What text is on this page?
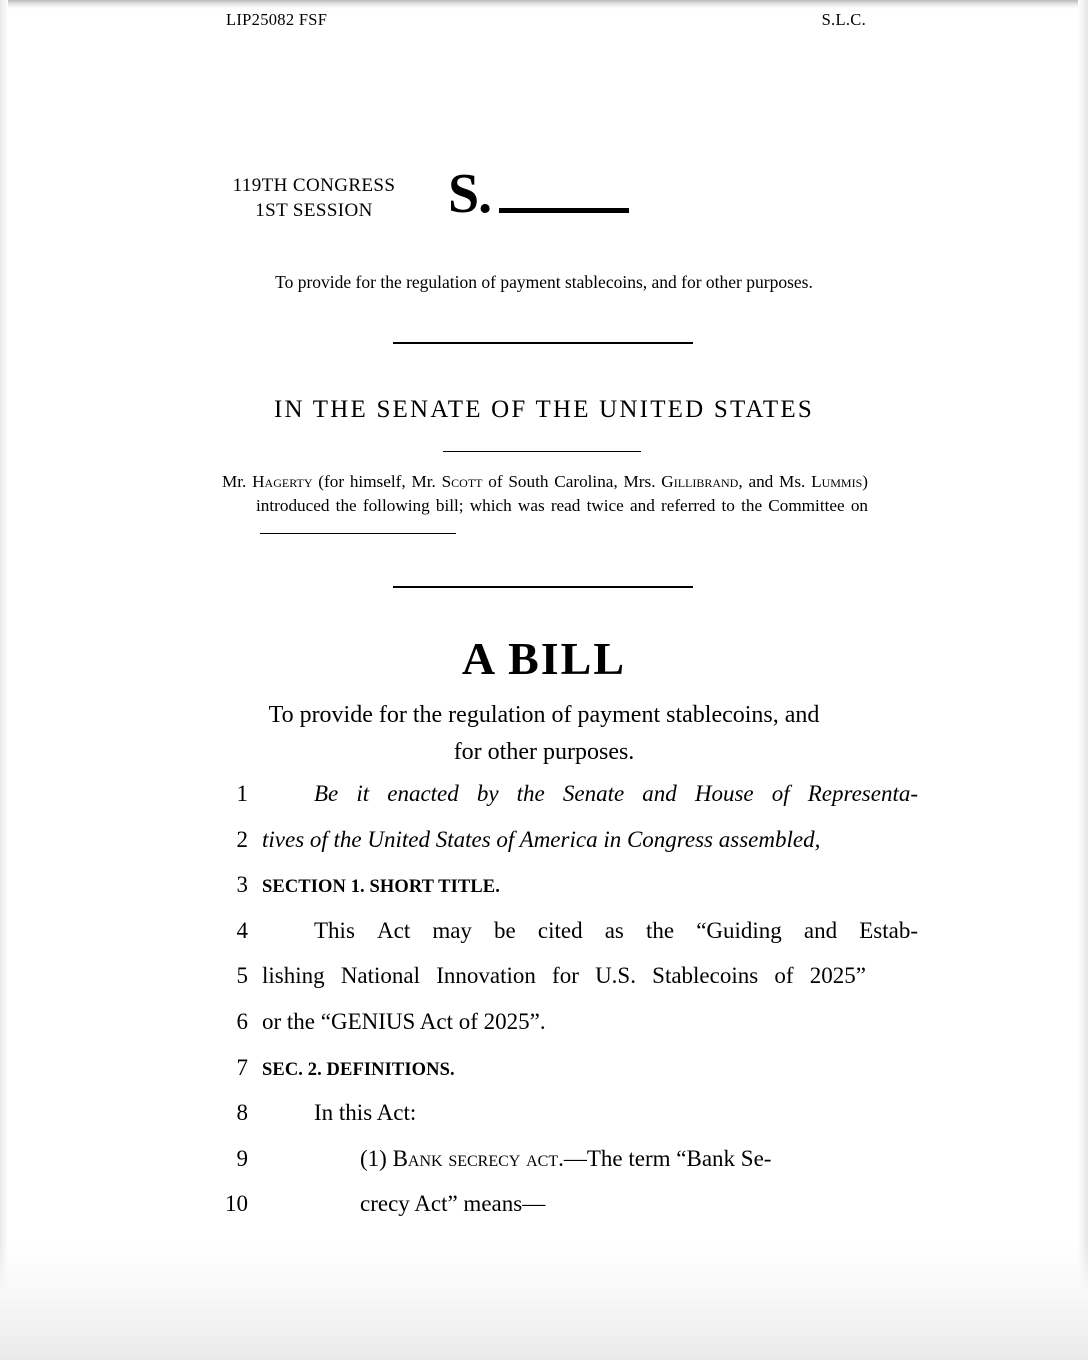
LIP25082 FSF	S.L.C.
119TH CONGRESS
1ST SESSION	S.
To provide for the regulation of payment stablecoins, and for other purposes.
IN THE SENATE OF THE UNITED STATES
Mr. Hagerty (for himself, Mr. Scott of South Carolina, Mrs. Gillibrand, and Ms. Lummis) introduced the following bill; which was read twice and referred to the Committee on
A BILL
To provide for the regulation of payment stablecoins, and
for other purposes.
1	Be it enacted by the Senate and House of Representa-
2 tives of the United States of America in Congress assembled,
3 SECTION 1. SHORT TITLE.
4	This Act may be cited as the “Guiding and Estab-
5 lishing National Innovation for U.S. Stablecoins of 2025”
6 or the “GENIUS Act of 2025”.
7 SEC. 2. DEFINITIONS.
8	In this Act:
9	(1) Bank secrecy act.—The term “Bank Se-
10	crecy Act” means—
